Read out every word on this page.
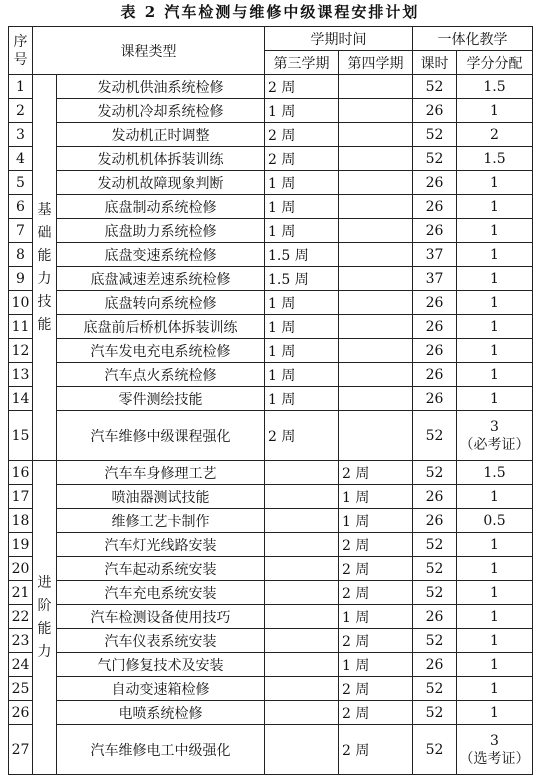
表 2 汽车检测与维修中级课程安排计划
序号	课程类型		学期时间		一体化教学	
			第三学期	第四学期	课时	学分分配
1	基础能力技能	发动机供油系统检修	2 周		52	1.5
2		发动机冷却系统检修	1 周		26	1
3		发动机正时调整	2 周		52	2
4		发动机机体拆装训练	2 周		52	1.5
5		发动机故障现象判断	1 周		26	1
6		底盘制动系统检修	1 周		26	1
7		底盘助力系统检修	1 周		26	1
8		底盘变速系统检修	1.5 周		37	1
9		底盘减速差速系统检修	1.5 周		37	1
10		底盘转向系统检修	1 周		26	1
11		底盘前后桥机体拆装训练	1 周		26	1
12		汽车发电充电系统检修	1 周		26	1
13		汽车点火系统检修	1 周		26	1
14		零件测绘技能	1 周		26	1
15		汽车维修中级课程强化	2 周		52	3
（必考证）

16	进阶能力	汽车车身修理工艺		2 周	52	1.5
17		喷油器测试技能		1 周	26	1
18		维修工艺卡制作		1 周	26	0.5
19		汽车灯光线路安装		2 周	52	1
20		汽车起动系统安装		2 周	52	1
21		汽车充电系统安装		2 周	52	1
22		汽车检测设备使用技巧		1 周	26	1
23		汽车仪表系统安装		2 周	52	1
24		气门修复技术及安装		1 周	26	1
25		自动变速箱检修		2 周	52	1
26		电喷系统检修		2 周	52	1
27		汽车维修电工中级强化		2 周	52	3
（选考证）
